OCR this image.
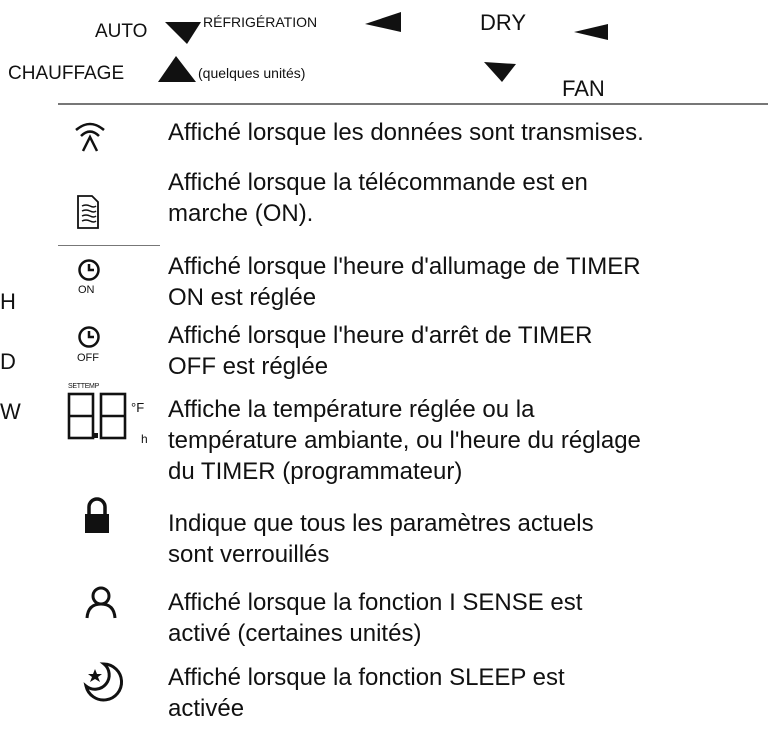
AUTO	RÉFRIGÉRATION	DRY
CHAUFFAGE	(quelques unités)
FAN
H
D
W
ON
OFF
SETTEMP
°F
h
Affiché lorsque les données sont transmises.
Affiché lorsque la télécommande est en
marche (ON).
Affiché lorsque l'heure d'allumage de TIMER
ON est réglée
Affiché lorsque l'heure d'arrêt de TIMER
OFF est réglée
Affiche la température réglée ou la
température ambiante, ou l'heure du réglage
du TIMER (programmateur)
Indique que tous les paramètres actuels
sont verrouillés
Affiché lorsque la fonction I SENSE est
activé (certaines unités)
Affiché lorsque la fonction SLEEP est
activée
